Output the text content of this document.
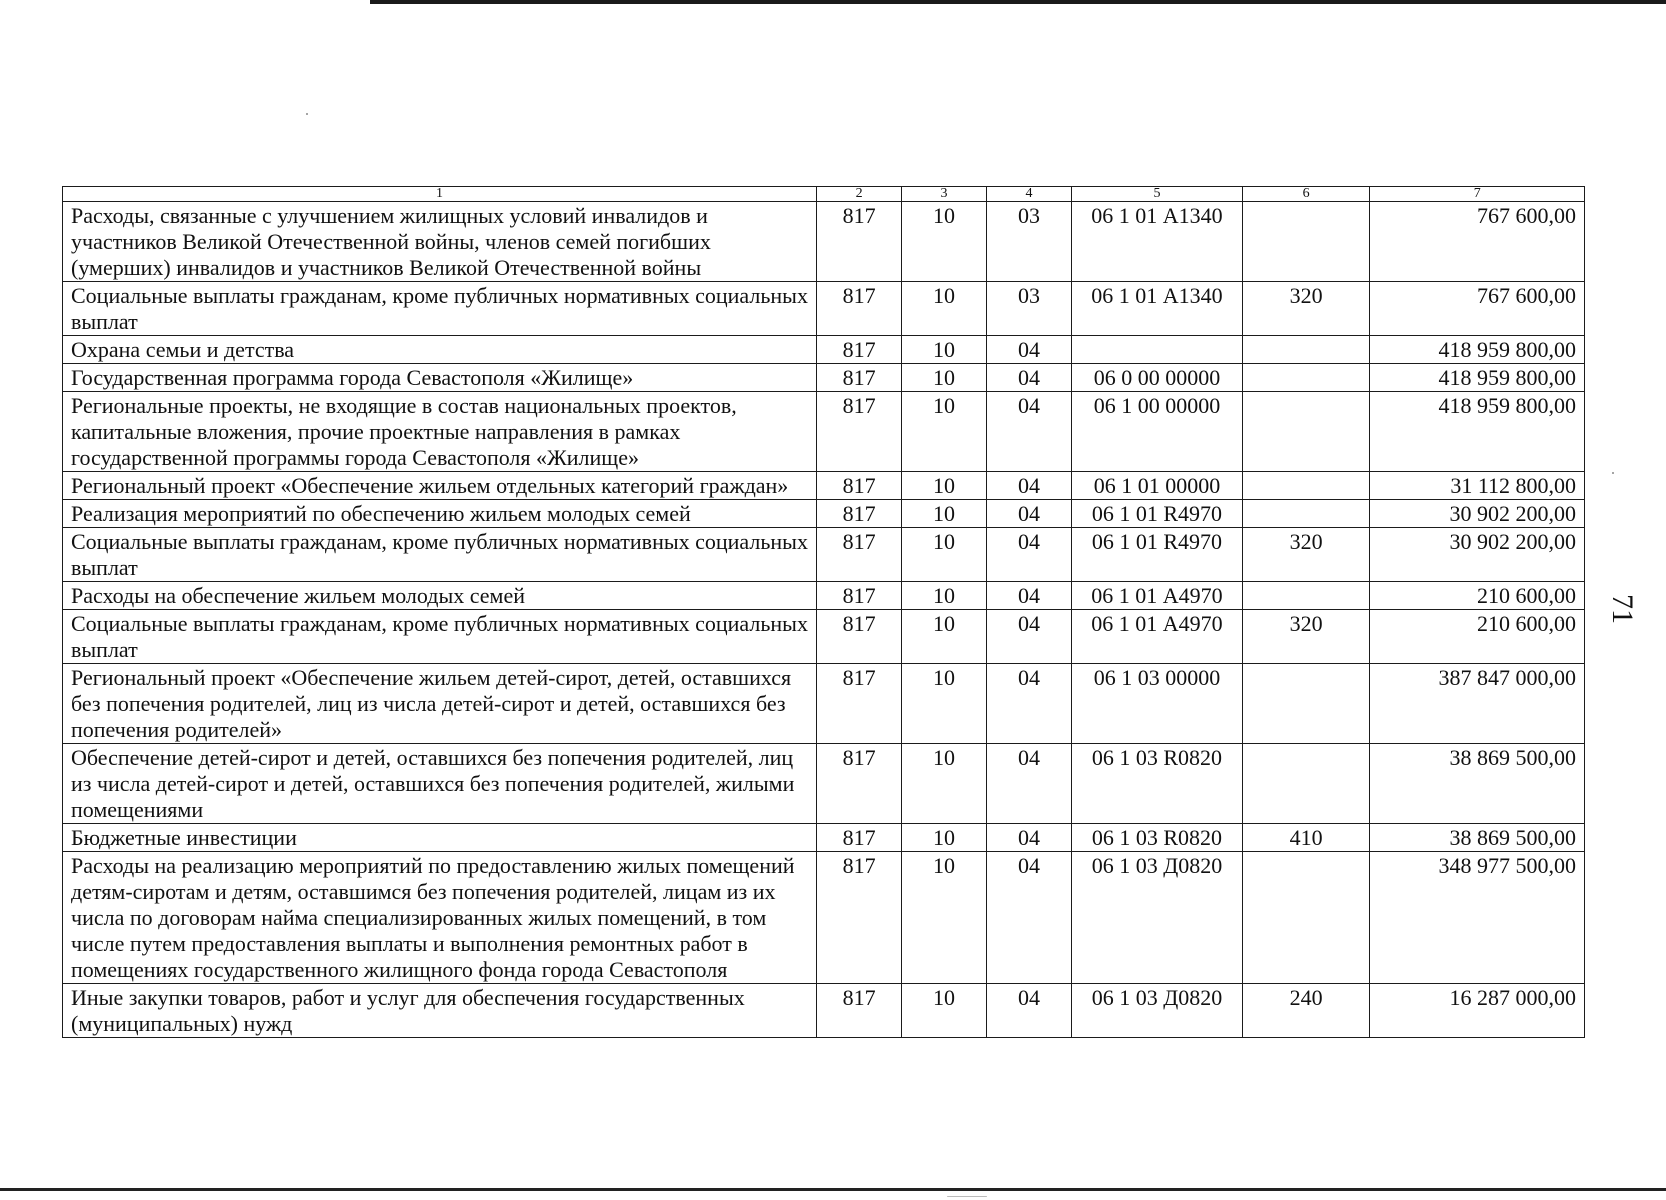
1	2	3	4	5	6	7
Расходы, связанные с улучшением жилищных условий инвалидов и участников Великой Отечественной войны, членов семей погибших (умерших) инвалидов и участников Великой Отечественной войны	817	10	03	06 1 01 А1340		767 600,00
Социальные выплаты гражданам, кроме публичных нормативных социальных выплат	817	10	03	06 1 01 А1340	320	767 600,00
Охрана семьи и детства	817	10	04			418 959 800,00
Государственная программа города Севастополя «Жилище»	817	10	04	06 0 00 00000		418 959 800,00
Региональные проекты, не входящие в состав национальных проектов, капитальные вложения, прочие проектные направления в рамках государственной программы города Севастополя «Жилище»	817	10	04	06 1 00 00000		418 959 800,00
Региональный проект «Обеспечение жильем отдельных категорий граждан»	817	10	04	06 1 01 00000		31 112 800,00
Реализация мероприятий по обеспечению жильем молодых семей	817	10	04	06 1 01 R4970		30 902 200,00
Социальные выплаты гражданам, кроме публичных нормативных социальных выплат	817	10	04	06 1 01 R4970	320	30 902 200,00
Расходы на обеспечение жильем молодых семей	817	10	04	06 1 01 А4970		210 600,00
Социальные выплаты гражданам, кроме публичных нормативных социальных выплат	817	10	04	06 1 01 А4970	320	210 600,00
Региональный проект «Обеспечение жильем детей-сирот, детей, оставшихся без попечения родителей, лиц из числа детей-сирот и детей, оставшихся без попечения родителей»	817	10	04	06 1 03 00000		387 847 000,00
Обеспечение детей-сирот и детей, оставшихся без попечения родителей, лиц из числа детей-сирот и детей, оставшихся без попечения родителей, жилыми помещениями	817	10	04	06 1 03 R0820		38 869 500,00
Бюджетные инвестиции	817	10	04	06 1 03 R0820	410	38 869 500,00
Расходы на реализацию мероприятий по предоставлению жилых помещений детям-сиротам и детям, оставшимся без попечения родителей, лицам из их числа по договорам найма специализированных жилых помещений, в том числе путем предоставления выплаты и выполнения ремонтных работ в помещениях государственного жилищного фонда города Севастополя	817	10	04	06 1 03 Д0820		348 977 500,00
Иные закупки товаров, работ и услуг для обеспечения государственных (муниципальных) нужд	817	10	04	06 1 03 Д0820	240	16 287 000,00
71
